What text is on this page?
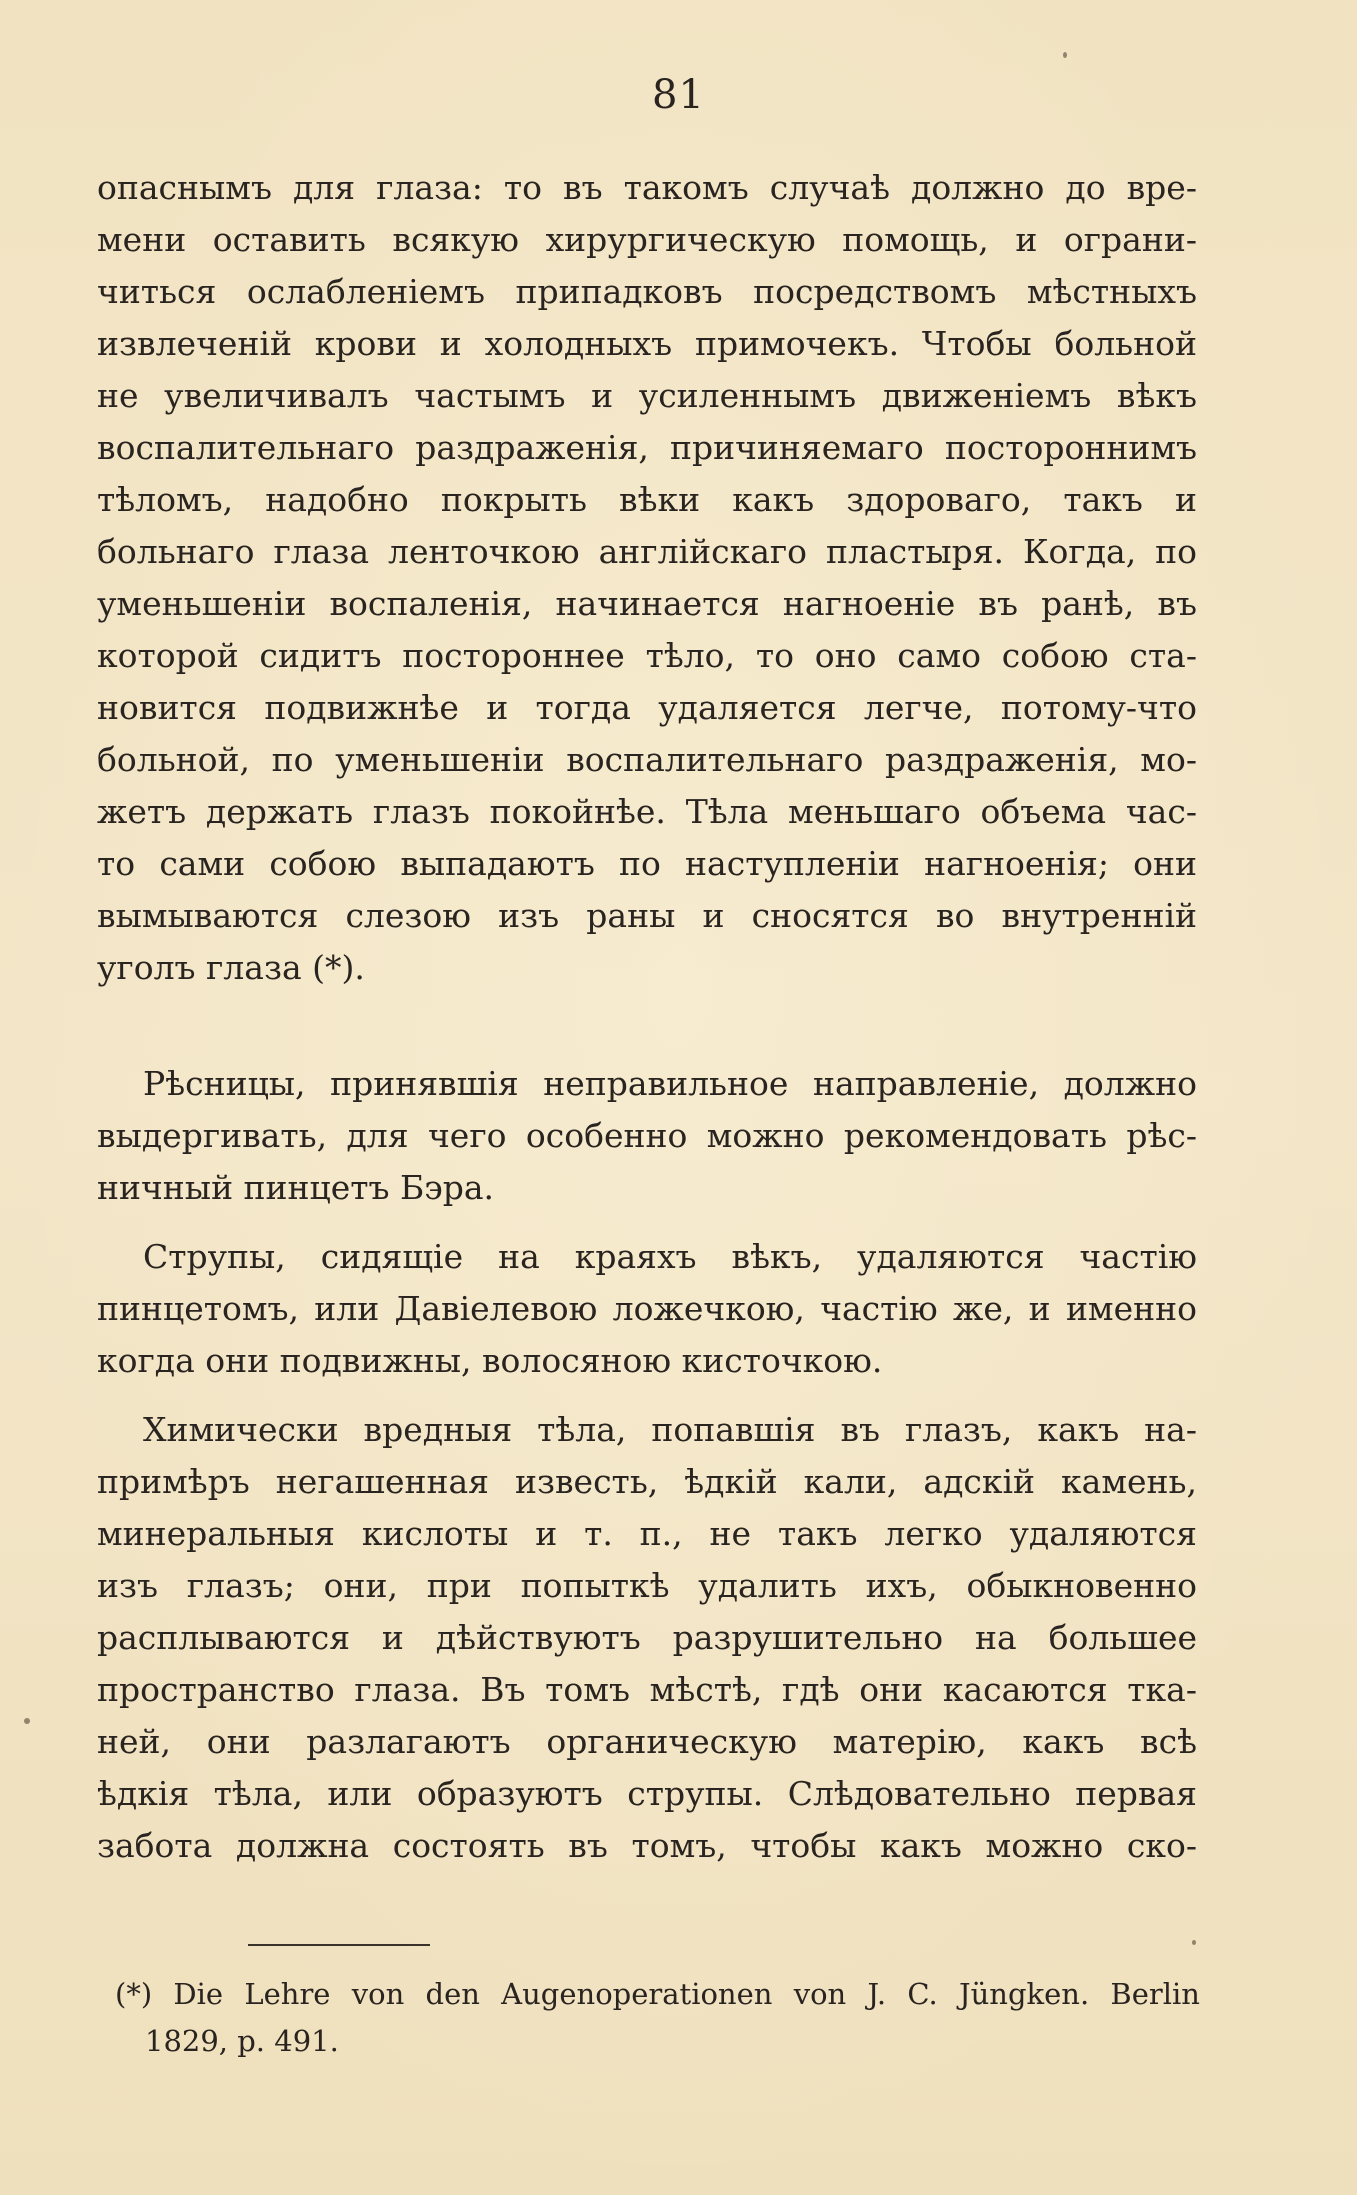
81
опаснымъ для глаза: то въ такомъ случаѣ должно до вре-
мени оставить всякую хирургическую помощь, и ограни-
читься ослабленіемъ припадковъ посредствомъ мѣстныхъ
извлеченій крови и холодныхъ примочекъ. Чтобы больной
не увеличивалъ частымъ и усиленнымъ движеніемъ вѣкъ
воспалительнаго раздраженія, причиняемаго постороннимъ
тѣломъ, надобно покрыть вѣки какъ здороваго, такъ и
больнаго глаза ленточкою англійскаго пластыря. Когда, по
уменьшеніи воспаленія, начинается нагноеніе въ ранѣ, въ
которой сидитъ постороннее тѣло, то оно само собою ста-
новится подвижнѣе и тогда удаляется легче, потому-что
больной, по уменьшеніи воспалительнаго раздраженія, мо-
жетъ держать глазъ покойнѣе. Тѣла меньшаго объема час-
то сами собою выпадаютъ по наступленіи нагноенія; они
вымываются слезою изъ раны и сносятся во внутренній
уголъ глаза (*).
Рѣсницы, принявшія неправильное направленіе, должно
выдергивать, для чего особенно можно рекомендовать рѣс-
ничный пинцетъ Бэра.
Струпы, сидящіе на краяхъ вѣкъ, удаляются частію
пинцетомъ, или Давіелевою ложечкою, частію же, и именно
когда они подвижны, волосяною кисточкою.
Химически вредныя тѣла, попавшія въ глазъ, какъ на-
примѣръ негашенная известь, ѣдкій кали, адскій камень,
минеральныя кислоты и т. п., не такъ легко удаляются
изъ глазъ; они, при попыткѣ удалить ихъ, обыкновенно
расплываются и дѣйствуютъ разрушительно на большее
пространство глаза. Въ томъ мѣстѣ, гдѣ они касаются тка-
ней, они разлагаютъ органическую матерію, какъ всѣ
ѣдкія тѣла, или образуютъ струпы. Слѣдовательно первая
забота должна состоять въ томъ, чтобы какъ можно ско-
(*) Die Lehre von den Augenoperationen von J. C. Jüngken. Berlin
1829, p. 491.
